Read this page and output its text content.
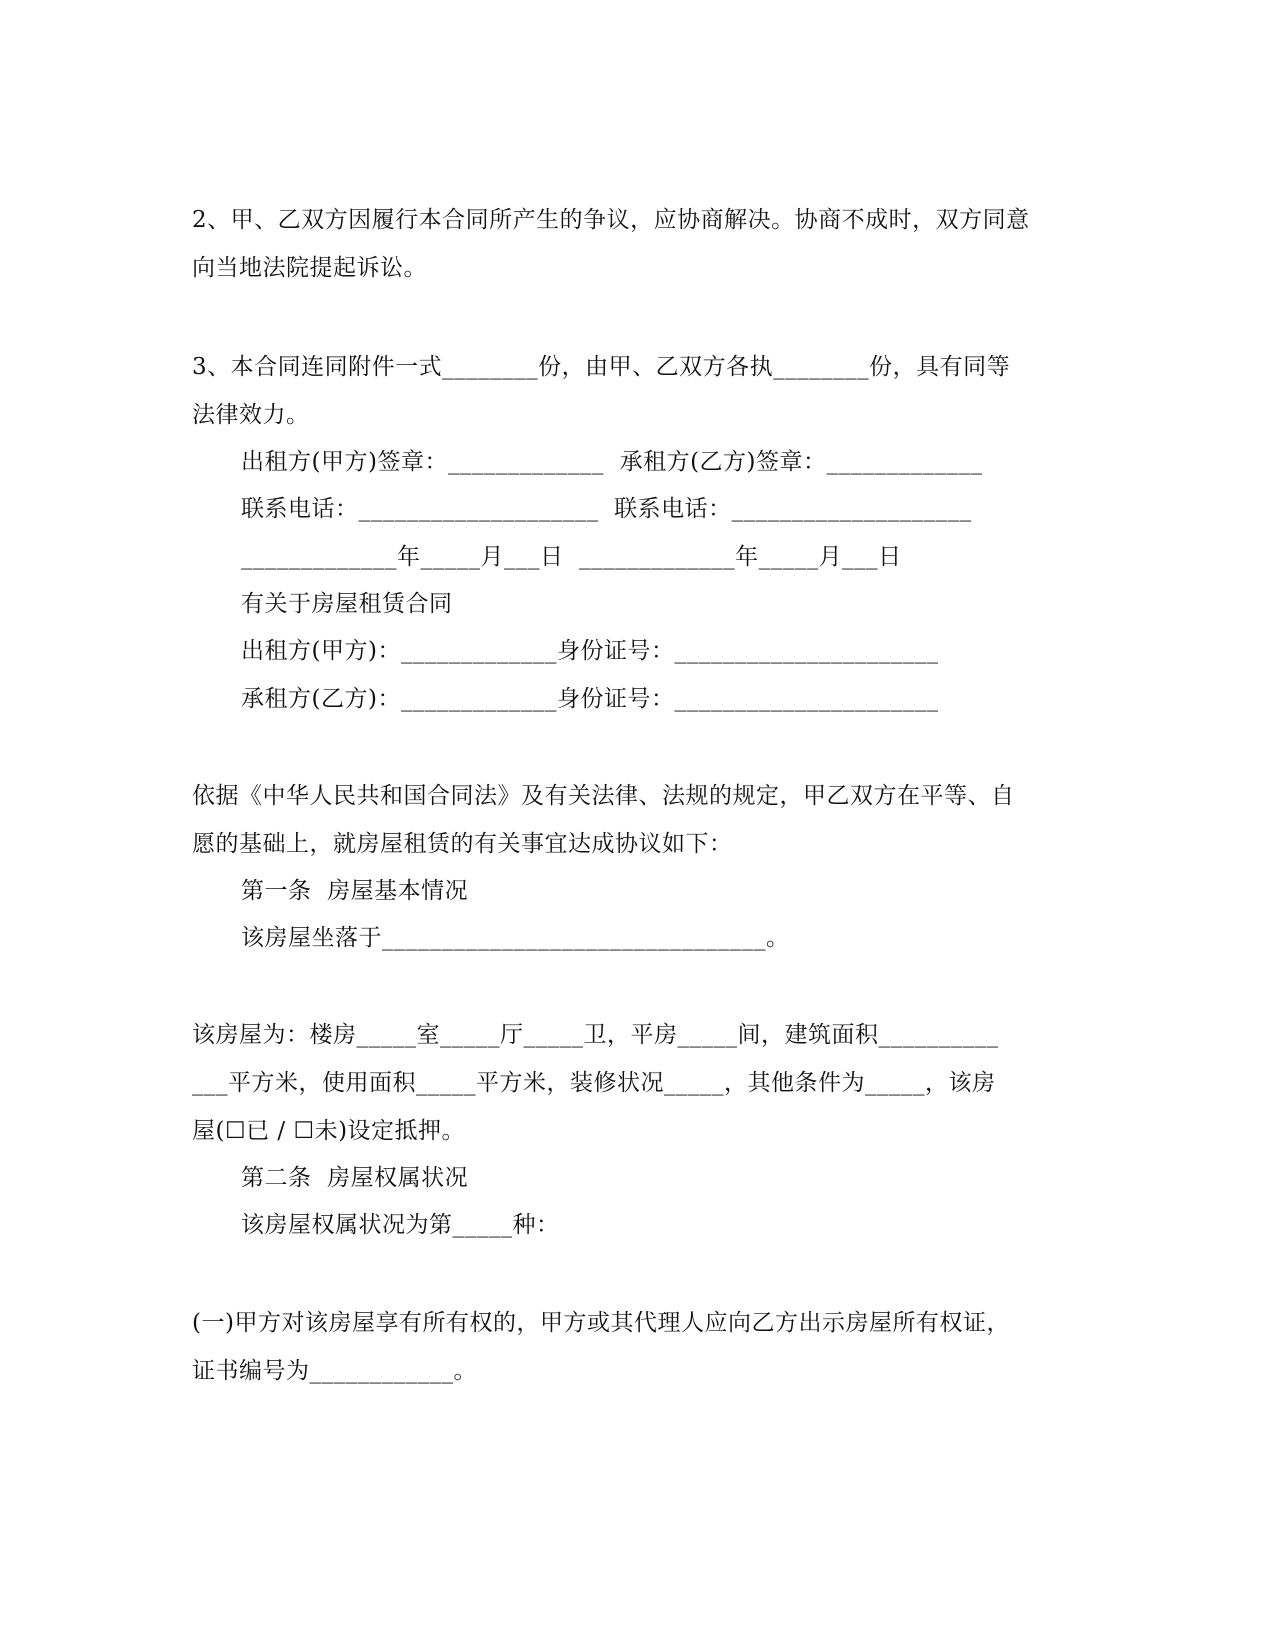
2、甲、乙双方因履行本合同所产生的争议，应协商解决。协商不成时，双方同意
向当地法院提起诉讼。
3、本合同连同附件一式________份，由甲、乙双方各执________份，具有同等
法律效力。
出租方(甲方)签章：_____________  承租方(乙方)签章：_____________
联系电话：____________________  联系电话：____________________
_____________年_____月___日  _____________年_____月___日
有关于房屋租赁合同
出租方(甲方)：_____________身份证号：______________________
承租方(乙方)：_____________身份证号：______________________
依据《中华人民共和国合同法》及有关法律、法规的规定，甲乙双方在平等、自
愿的基础上，就房屋租赁的有关事宜达成协议如下：
第一条  房屋基本情况
该房屋坐落于________________________________。
该房屋为：楼房_____室_____厅_____卫，平房_____间，建筑面积__________
___平方米，使用面积_____平方米，装修状况_____，其他条件为_____，该房
屋(☐已 / ☐未)设定抵押。
第二条  房屋权属状况
该房屋权属状况为第_____种：
(一)甲方对该房屋享有所有权的，甲方或其代理人应向乙方出示房屋所有权证，
证书编号为____________。
